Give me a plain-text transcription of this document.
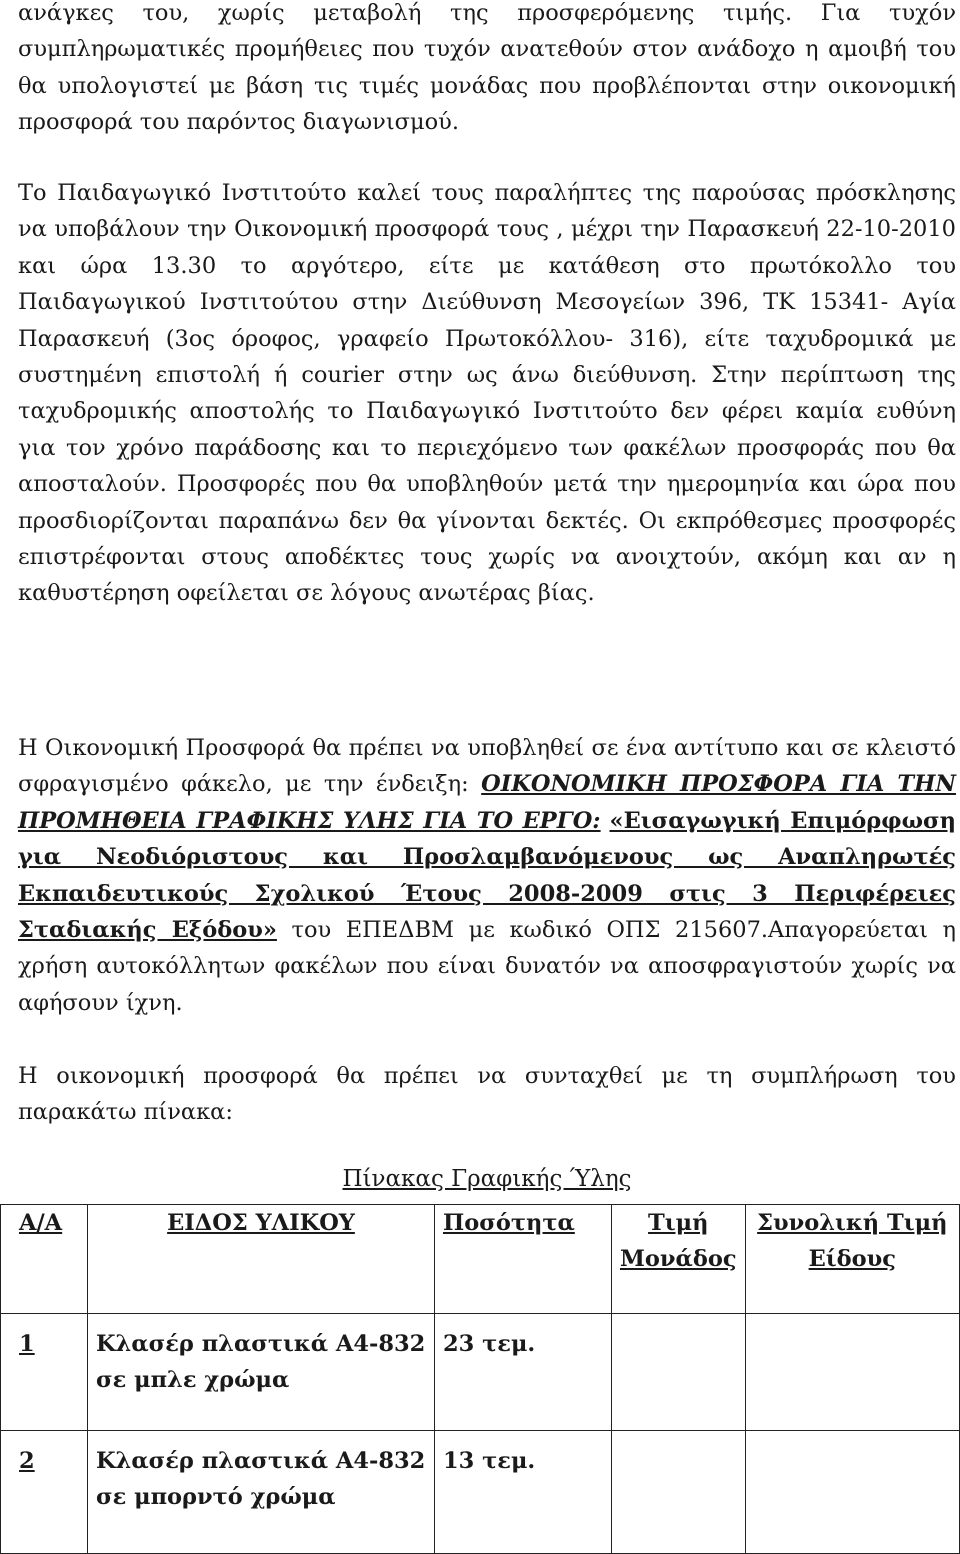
ανάγκες του, χωρίς μεταβολή της προσφερόμενης τιμής. Για τυχόν συμπληρωματικές προμήθειες που τυχόν ανατεθούν στον ανάδοχο η αμοιβή του θα υπολογιστεί με βάση τις τιμές μονάδας που προβλέπονται στην οικονομική προσφορά του παρόντος διαγωνισμού.

Το Παιδαγωγικό Ινστιτούτο καλεί τους παραλήπτες της παρούσας πρόσκλησης να υποβάλουν την Οικονομική προσφορά τους , μέχρι την Παρασκευή 22-10-2010 και ώρα 13.30 το αργότερο, είτε με κατάθεση στο πρωτόκολλο του Παιδαγωγικού Ινστιτούτου στην Διεύθυνση Μεσογείων 396, ΤΚ 15341- Αγία Παρασκευή (3ος όροφος, γραφείο Πρωτοκόλλου- 316), είτε ταχυδρομικά με συστημένη επιστολή ή courier στην ως άνω διεύθυνση. Στην περίπτωση της ταχυδρομικής αποστολής το Παιδαγωγικό Ινστιτούτο δεν φέρει καμία ευθύνη για τον χρόνο παράδοσης και το περιεχόμενο των φακέλων προσφοράς που θα αποσταλούν. Προσφορές που θα υποβληθούν μετά την ημερομηνία και ώρα που προσδιορίζονται παραπάνω δεν θα γίνονται δεκτές. Οι εκπρόθεσμες προσφορές επιστρέφονται στους αποδέκτες τους χωρίς να ανοιχτούν, ακόμη και αν η καθυστέρηση οφείλεται σε λόγους ανωτέρας βίας.

Η Οικονομική Προσφορά θα πρέπει να υποβληθεί σε ένα αντίτυπο και σε κλειστό σφραγισμένο φάκελο, με την ένδειξη: ΟΙΚΟΝΟΜΙΚΗ ΠΡΟΣΦΟΡΑ ΓΙΑ ΤΗΝ ΠΡΟΜΗΘΕΙΑ ΓΡΑΦΙΚΗΣ ΥΛΗΣ ΓΙΑ ΤΟ ΕΡΓΟ: «Εισαγωγική Επιμόρφωση για Νεοδιόριστους και Προσλαμβανόμενους ως Αναπληρωτές Εκπαιδευτικούς Σχολικού Έτους 2008-2009 στις 3 Περιφέρειες Σταδιακής Εξόδου» του ΕΠΕΔΒΜ με κωδικό ΟΠΣ 215607.Απαγορεύεται η χρήση αυτοκόλλητων φακέλων που είναι δυνατόν να αποσφραγιστούν χωρίς να αφήσουν ίχνη.

Η οικονομική προσφορά θα πρέπει να συνταχθεί με τη συμπλήρωση του παρακάτω πίνακα:

Πίνακας Γραφικής Ύλης
Α/Α	ΕΙΔΟΣ ΥΛΙΚΟΥ	Ποσότητα	Τιμή Μονάδος	Συνολική Τιμή Είδους
1	Κλασέρ πλαστικά Α4-832 σε μπλε χρώμα	23 τεμ.		
2	Κλασέρ πλαστικά Α4-832 σε μπορντό χρώμα	13 τεμ.		
